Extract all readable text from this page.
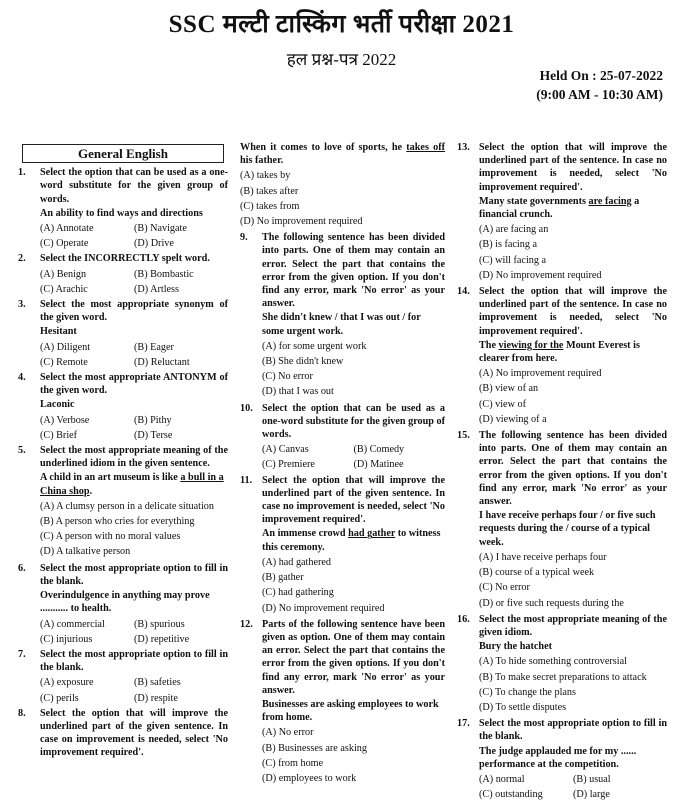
SSC मल्टी टास्किंग भर्ती परीक्षा 2021
हल प्रश्न-पत्र 2022
Held On : 25-07-2022
(9:00 AM - 10:30 AM)
General English
1.	Select the option that can be used as a one-word substitute for the given group of words.
An ability to find ways and directions
(A) Annotate	(B) Navigate
(C) Operate	(D) Drive
2.	Select the INCORRECTLY spelt word.
(A) Benign	(B) Bombastic
(C) Arachic	(D) Artless
3.	Select the most appropriate synonym of the given word.
Hesitant
(A) Diligent	(B) Eager
(C) Remote	(D) Reluctant
4.	Select the most appropriate ANTONYM of the given word.
Laconic
(A) Verbose	(B) Pithy
(C) Brief	(D) Terse
5.	Select the most appropriate meaning of the underlined idiom in the given sentence.
A child in an art museum is like a bull in a China shop.
(A) A clumsy person in a delicate situation
(B) A person who cries for everything
(C) A person with no moral values
(D) A talkative person
6.	Select the most appropriate option to fill in the blank.
Overindulgence in anything may prove ........... to health.
(A) commercial	(B) spurious
(C) injurious	(D) repetitive
7.	Select the most appropriate option to fill in the blank.
(A) exposure	(B) safeties
(C) perils	(D) respite
8.	Select the option that will improve the underlined part of the given sentence. In case on improvement is needed, select 'No improvement required'.
When it comes to love of sports, he takes off his father.
(A) takes by
(B) takes after
(C) takes from
(D) No improvement required
9.	The following sentence has been divided into parts. One of them may contain an error. Select the part that contains the error from the given option. If you don't find any error, mark 'No error' as your answer.
She didn't knew / that I was out / for some urgent work.
(A) for some urgent work
(B) She didn't knew
(C) No error
(D) that I was out
10. Select the option that can be used as a one-word substitute for the given group of words.
(A) Canvas	(B) Comedy
(C) Premiere	(D) Matinee
11. Select the option that will improve the underlined part of the given sentence. In case no improvement is needed, select 'No improvement required'.
An immense crowd had gather to witness this ceremony.
(A) had gathered
(B) gather
(C) had gathering
(D) No improvement required
12. Parts of the following sentence have been given as option. One of them may contain an error. Select the part that contains the error from the given options. If you don't find any error, mark 'No error' as your answer.
Businesses are asking employees to work from home.
(A) No error
(B) Businesses are asking
(C) from home
(D) employees to work
13. Select the option that will improve the underlined part of the sentence. In case no improvement is needed, select 'No improvement required'.
Many state governments are facing a financial crunch.
(A) are facing an
(B) is facing a
(C) will facing a
(D) No improvement required
14. Select the option that will improve the underlined part of the sentence. In case no improvement is needed, select 'No improvement required'.
The viewing for the Mount Everest is clearer from here.
(A) No improvement required
(B) view of an
(C) view of
(D) viewing of a
15. The following sentence has been divided into parts. One of them may contain an error. Select the part that contains the error from the given options. If you don't find any error, mark 'No error' as your answer.
I have receive perhaps four / or five such requests during the / course of a typical week.
(A) I have receive perhaps four
(B) course of a typical week
(C) No error
(D) or five such requests during the
16. Select the most appropriate meaning of the given idiom.
Bury the hatchet
(A) To hide something controversial
(B) To make secret preparations to attack
(C) To change the plans
(D) To settle disputes
17. Select the most appropriate option to fill in the blank.
The judge applauded me for my ...... performance at the competition.
(A) normal	(B) usual
(C) outstanding	(D) large
